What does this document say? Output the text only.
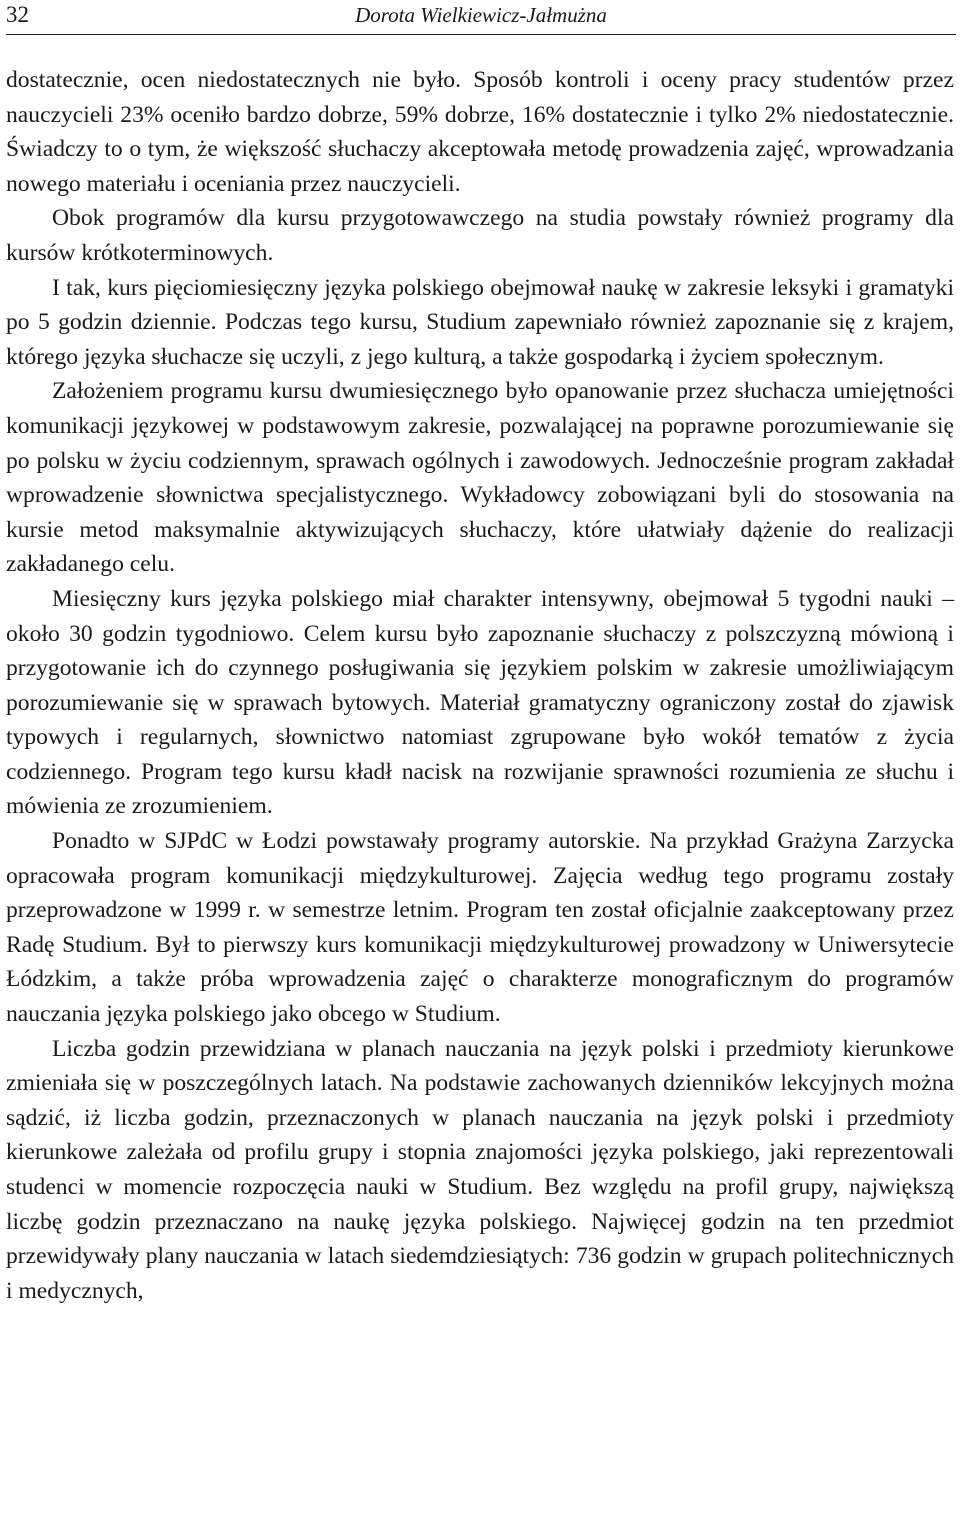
32	Dorota Wielkiewicz-Jałmużna

dostatecznie, ocen niedostatecznych nie było. Sposób kontroli i oceny pracy studentów przez nauczycieli 23% oceniło bardzo dobrze, 59% dobrze, 16% dostatecznie i tylko 2% niedostatecznie. Świadczy to o tym, że większość słuchaczy akceptowała metodę prowadzenia zajęć, wprowadzania nowego materiału i oceniania przez nauczycieli.

Obok programów dla kursu przygotowawczego na studia powstały również programy dla kursów krótkoterminowych.

I tak, kurs pięciomiesięczny języka polskiego obejmował naukę w zakresie leksyki i gramatyki po 5 godzin dziennie. Podczas tego kursu, Studium zapewniało również zapoznanie się z krajem, którego języka słuchacze się uczyli, z jego kulturą, a także gospodarką i życiem społecznym.

Założeniem programu kursu dwumiesięcznego było opanowanie przez słuchacza umiejętności komunikacji językowej w podstawowym zakresie, pozwalającej na poprawne porozumiewanie się po polsku w życiu codziennym, sprawach ogólnych i zawodowych. Jednocześnie program zakładał wprowadzenie słownictwa specjalistycznego. Wykładowcy zobowiązani byli do stosowania na kursie metod maksymalnie aktywizujących słuchaczy, które ułatwiały dążenie do realizacji zakładanego celu.

Miesięczny kurs języka polskiego miał charakter intensywny, obejmował 5 tygodni nauki – około 30 godzin tygodniowo. Celem kursu było zapoznanie słuchaczy z polszczyzną mówioną i przygotowanie ich do czynnego posługiwania się językiem polskim w zakresie umożliwiającym porozumiewanie się w sprawach bytowych. Materiał gramatyczny ograniczony został do zjawisk typowych i regularnych, słownictwo natomiast zgrupowane było wokół tematów z życia codziennego. Program tego kursu kładł nacisk na rozwijanie sprawności rozumienia ze słuchu i mówienia ze zrozumieniem.

Ponadto w SJPdC w Łodzi powstawały programy autorskie. Na przykład Grażyna Zarzycka opracowała program komunikacji międzykulturowej. Zajęcia według tego programu zostały przeprowadzone w 1999 r. w semestrze letnim. Program ten został oficjalnie zaakceptowany przez Radę Studium. Był to pierwszy kurs komunikacji międzykulturowej prowadzony w Uniwersytecie Łódzkim, a także próba wprowadzenia zajęć o charakterze monograficznym do programów nauczania języka polskiego jako obcego w Studium.

Liczba godzin przewidziana w planach nauczania na język polski i przedmioty kierunkowe zmieniała się w poszczególnych latach. Na podstawie zachowanych dzienników lekcyjnych można sądzić, iż liczba godzin, przeznaczonych w planach nauczania na język polski i przedmioty kierunkowe zależała od profilu grupy i stopnia znajomości języka polskiego, jaki reprezentowali studenci w momencie rozpoczęcia nauki w Studium. Bez względu na profil grupy, największą liczbę godzin przeznaczano na naukę języka polskiego. Najwięcej godzin na ten przedmiot przewidywały plany nauczania w latach siedemdziesiątych: 736 godzin w grupach politechnicznych i medycznych,
